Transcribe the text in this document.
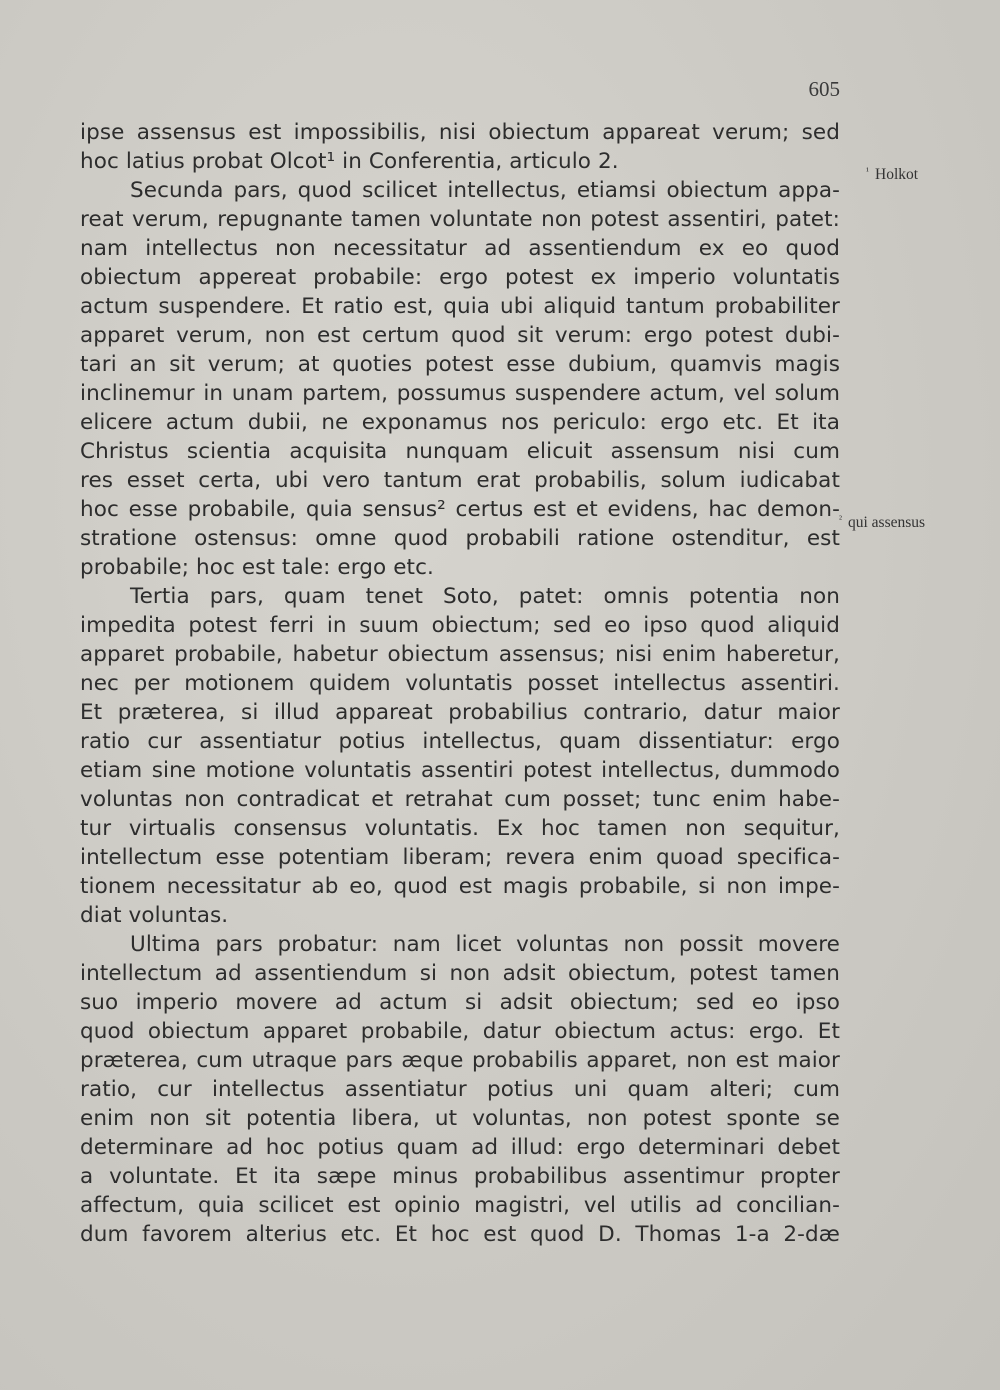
605

ipse assensus est impossibilis, nisi obiectum appareat verum; sed
hoc latius probat Olcot¹ in Conferentia, articulo 2.

Secunda pars, quod scilicet intellectus, etiamsi obiectum appa-
reat verum, repugnante tamen voluntate non potest assentiri, patet:
nam intellectus non necessitatur ad assentiendum ex eo quod
obiectum appereat probabile: ergo potest ex imperio voluntatis
actum suspendere. Et ratio est, quia ubi aliquid tantum probabiliter
apparet verum, non est certum quod sit verum: ergo potest dubi-
tari an sit verum; at quoties potest esse dubium, quamvis magis
inclinemur in unam partem, possumus suspendere actum, vel solum
elicere actum dubii, ne exponamus nos periculo: ergo etc. Et ita
Christus scientia acquisita nunquam elicuit assensum nisi cum
res esset certa, ubi vero tantum erat probabilis, solum iudicabat
hoc esse probabile, quia sensus² certus est et evidens, hac demon-
stratione ostensus: omne quod probabili ratione ostenditur, est
probabile; hoc est tale: ergo etc.

Tertia pars, quam tenet Soto, patet: omnis potentia non
impedita potest ferri in suum obiectum; sed eo ipso quod aliquid
apparet probabile, habetur obiectum assensus; nisi enim haberetur,
nec per motionem quidem voluntatis posset intellectus assentiri.
Et præterea, si illud appareat probabilius contrario, datur maior
ratio cur assentiatur potius intellectus, quam dissentiatur: ergo
etiam sine motione voluntatis assentiri potest intellectus, dummodo
voluntas non contradicat et retrahat cum posset; tunc enim habe-
tur virtualis consensus voluntatis. Ex hoc tamen non sequitur,
intellectum esse potentiam liberam; revera enim quoad specifica-
tionem necessitatur ab eo, quod est magis probabile, si non impe-
diat voluntas.

Ultima pars probatur: nam licet voluntas non possit movere
intellectum ad assentiendum si non adsit obiectum, potest tamen
suo imperio movere ad actum si adsit obiectum; sed eo ipso
quod obiectum apparet probabile, datur obiectum actus: ergo. Et
præterea, cum utraque pars æque probabilis apparet, non est maior
ratio, cur intellectus assentiatur potius uni quam alteri; cum
enim non sit potentia libera, ut voluntas, non potest sponte se
determinare ad hoc potius quam ad illud: ergo determinari debet
a voluntate. Et ita sæpe minus probabilibus assentimur propter
affectum, quia scilicet est opinio magistri, vel utilis ad concilian-
dum favorem alterius etc. Et hoc est quod D. Thomas 1-a 2-dæ

$^{^1}$ Holkot
$^{^2}$ qui assensus
